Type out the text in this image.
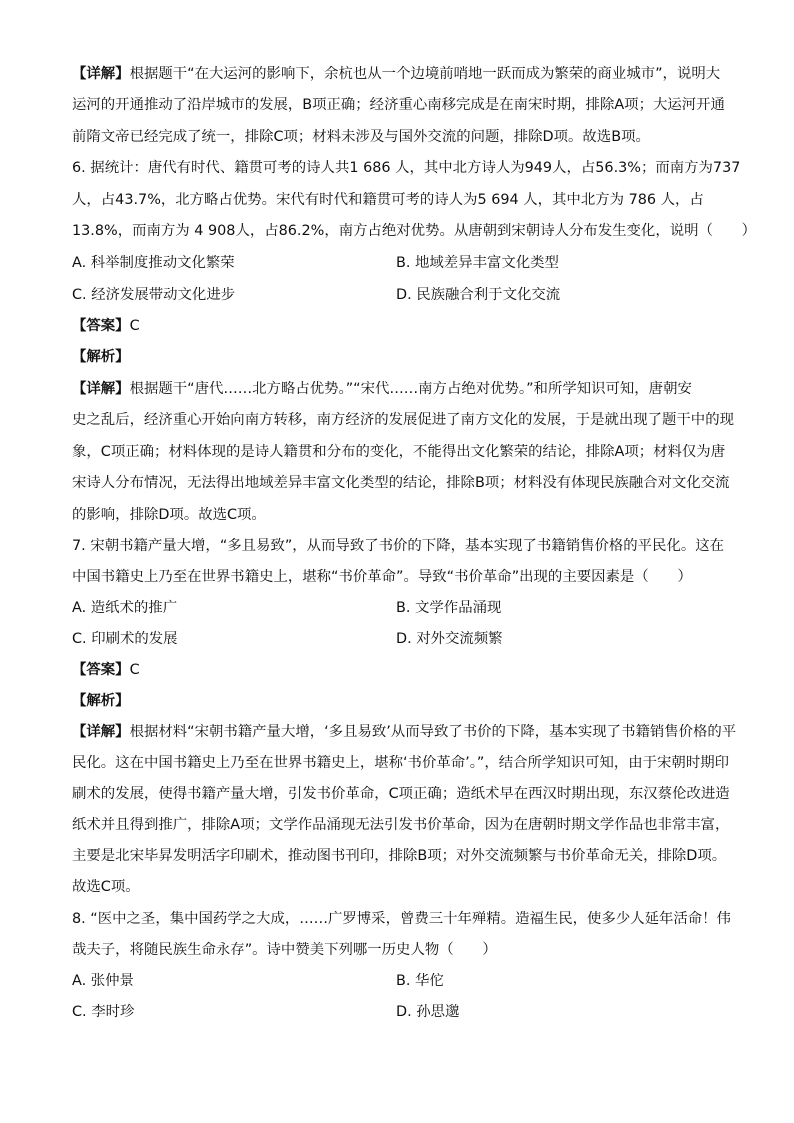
【详解】根据题干“在大运河的影响下，余杭也从一个边境前哨地一跃而成为繁荣的商业城市”，说明大
运河的开通推动了沿岸城市的发展，B项正确；经济重心南移完成是在南宋时期，排除A项；大运河开通
前隋文帝已经完成了统一，排除C项；材料未涉及与国外交流的问题，排除D项。故选B项。
6. 据统计：唐代有时代、籍贯可考的诗人共1 686 人，其中北方诗人为949人，占56.3%；而南方为737
人，占43.7%，北方略占优势。宋代有时代和籍贯可考的诗人为5 694 人，其中北方为 786 人，占
13.8%，而南方为 4 908人，占86.2%，南方占绝对优势。从唐朝到宋朝诗人分布发生变化，说明（　　）
A. 科举制度推动文化繁荣	B. 地域差异丰富文化类型
C. 经济发展带动文化进步	D. 民族融合利于文化交流
【答案】C
【解析】
【详解】根据题干“唐代……北方略占优势。”“宋代……南方占绝对优势。”和所学知识可知，唐朝安
史之乱后，经济重心开始向南方转移，南方经济的发展促进了南方文化的发展，于是就出现了题干中的现
象，C项正确；材料体现的是诗人籍贯和分布的变化，不能得出文化繁荣的结论，排除A项；材料仅为唐
宋诗人分布情况，无法得出地域差异丰富文化类型的结论，排除B项；材料没有体现民族融合对文化交流
的影响，排除D项。故选C项。
7. 宋朝书籍产量大增，“多且易致”，从而导致了书价的下降，基本实现了书籍销售价格的平民化。这在
中国书籍史上乃至在世界书籍史上，堪称“书价革命”。导致“书价革命”出现的主要因素是（　　）
A. 造纸术的推广	B. 文学作品涌现
C. 印刷术的发展	D. 对外交流频繁
【答案】C
【解析】
【详解】根据材料“宋朝书籍产量大增，‘多且易致’从而导致了书价的下降，基本实现了书籍销售价格的平
民化。这在中国书籍史上乃至在世界书籍史上，堪称‘书价革命’。”，结合所学知识可知，由于宋朝时期印
刷术的发展，使得书籍产量大增，引发书价革命，C项正确；造纸术早在西汉时期出现，东汉蔡伦改进造
纸术并且得到推广，排除A项；文学作品涌现无法引发书价革命，因为在唐朝时期文学作品也非常丰富，
主要是北宋毕昇发明活字印刷术，推动图书刊印，排除B项；对外交流频繁与书价革命无关，排除D项。
故选C项。
8. “医中之圣，集中国药学之大成，……广罗博采，曾费三十年殚精。造福生民，使多少人延年活命！伟
哉夫子，将随民族生命永存”。诗中赞美下列哪一历史人物（　　）
A. 张仲景	B. 华佗
C. 李时珍	D. 孙思邈
